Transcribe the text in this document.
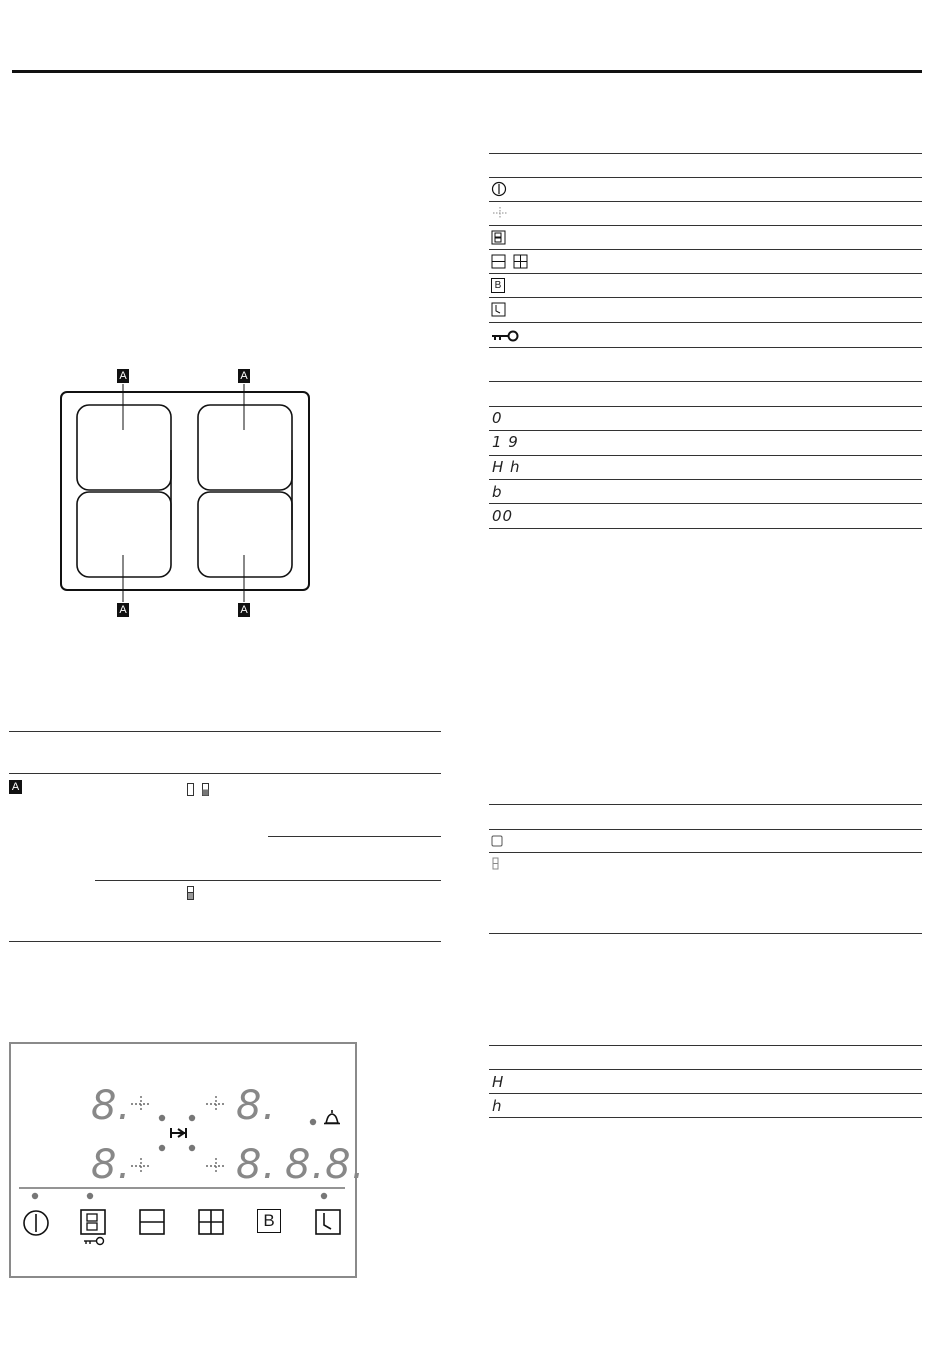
A	A
A	A
A
8.	8.
8.	8. 8.8.
B
B
0
1 9
H h
b
00
H
h
